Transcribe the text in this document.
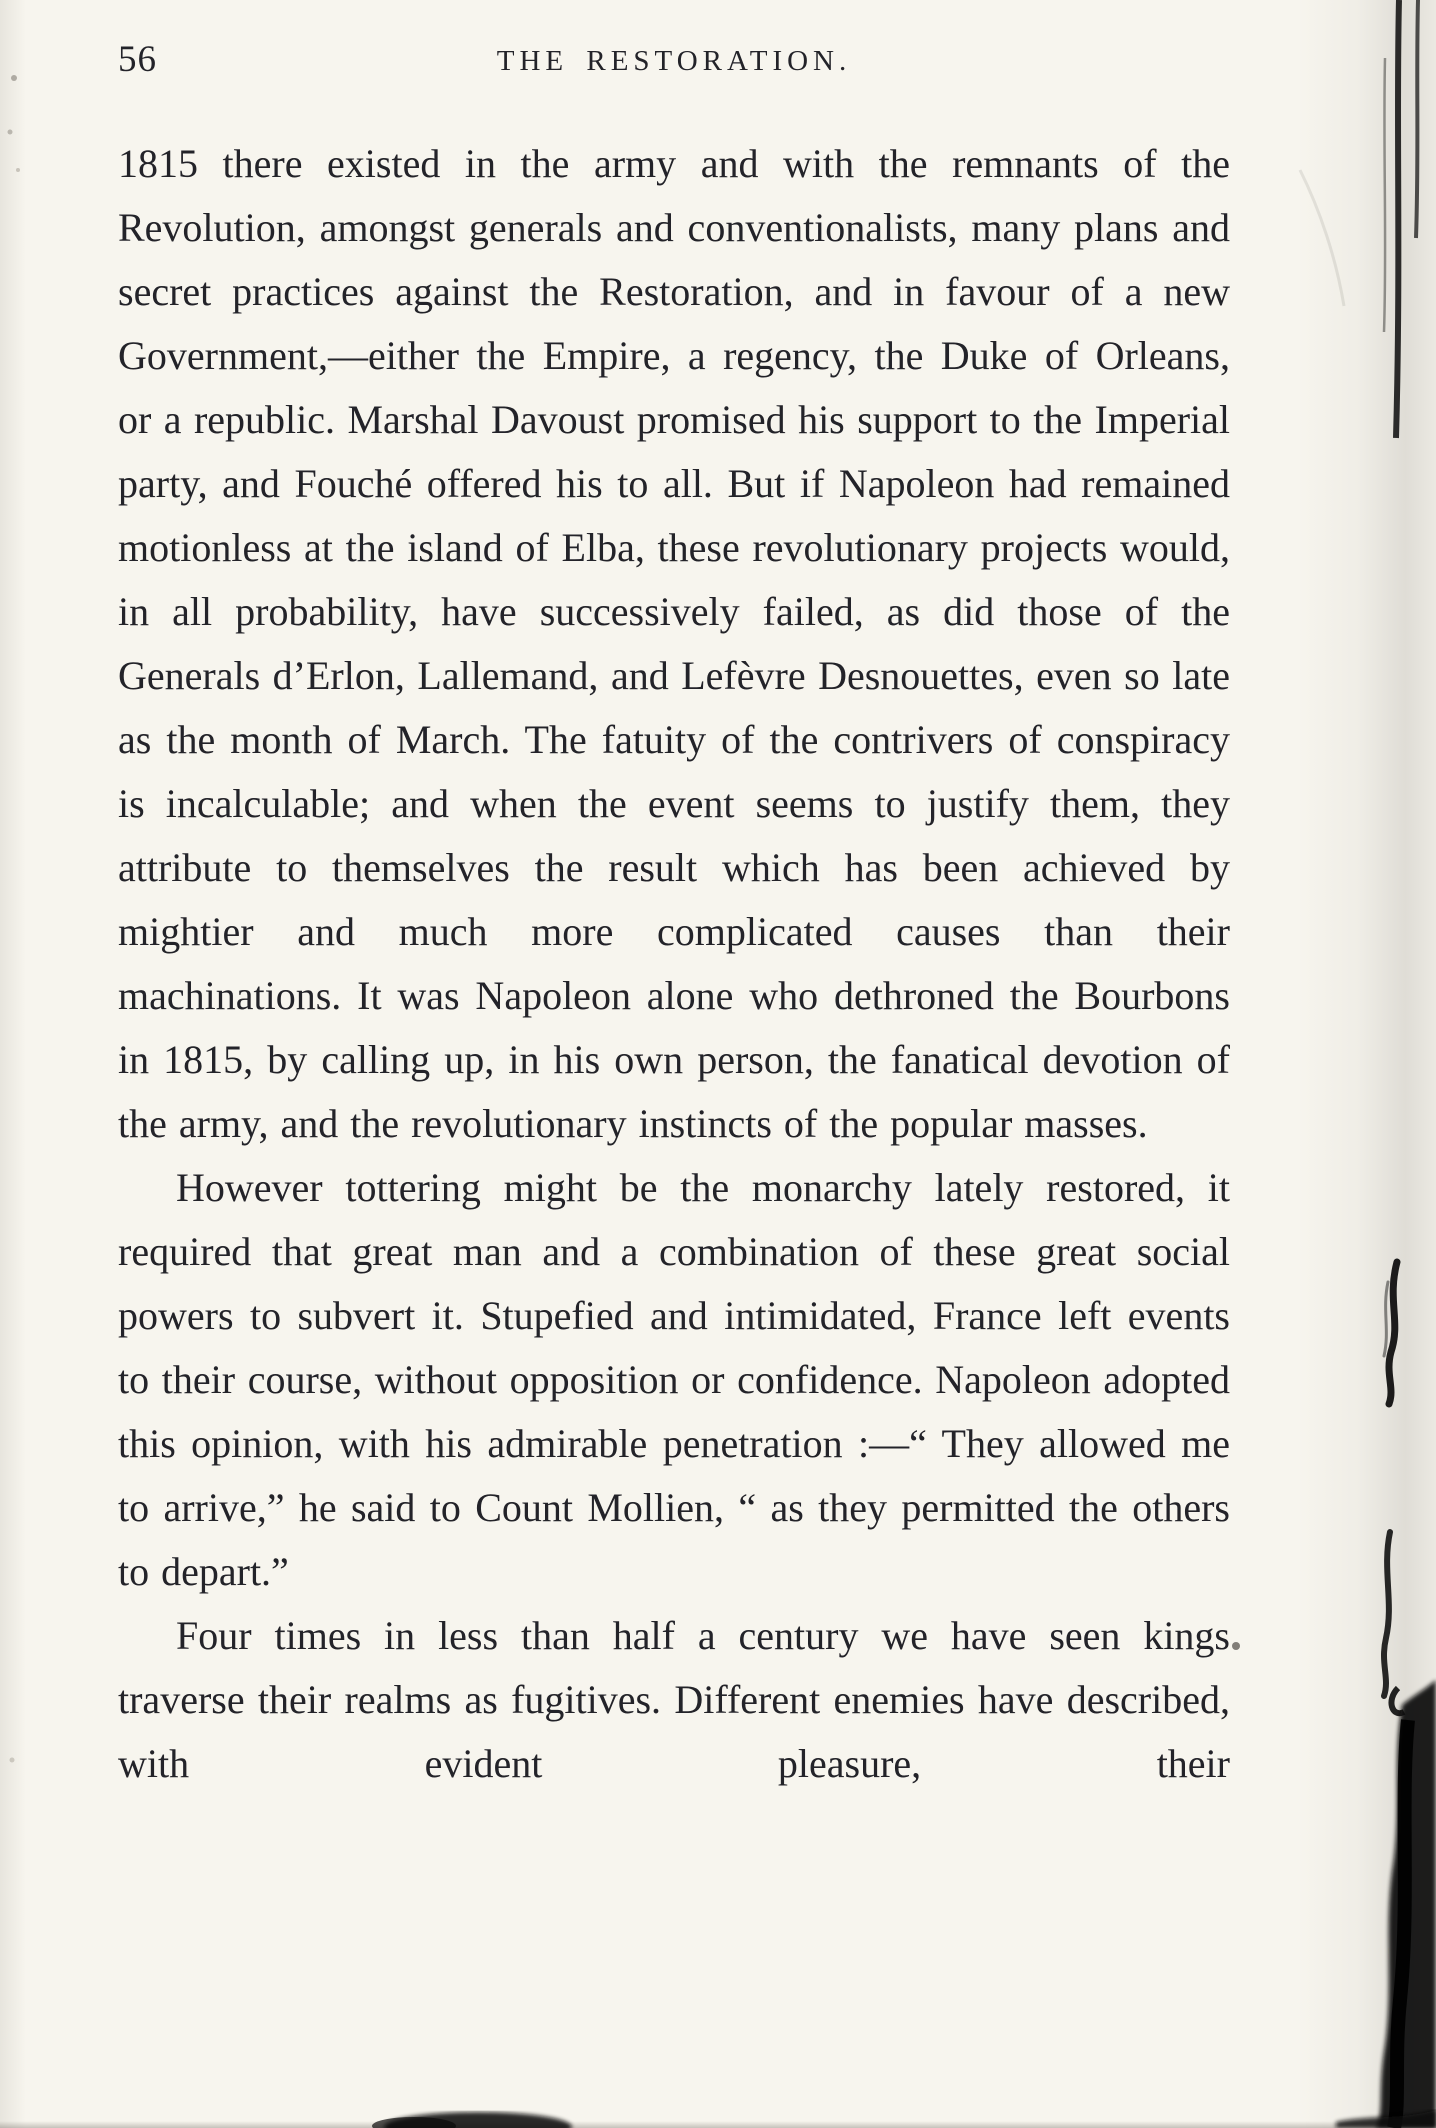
56	THE RESTORATION.

1815 there existed in the army and with the remnants of the Revolution, amongst generals and conventionalists, many plans and secret practices against the Restoration, and in favour of a new Government,—either the Empire, a regency, the Duke of Orleans, or a republic. Marshal Davoust promised his support to the Imperial party, and Fouché offered his to all. But if Napoleon had remained motionless at the island of Elba, these revolutionary projects would, in all probability, have successively failed, as did those of the Generals d’Erlon, Lallemand, and Lefèvre Desnouettes, even so late as the month of March. The fatuity of the contrivers of conspiracy is incalculable; and when the event seems to justify them, they attribute to themselves the result which has been achieved by mightier and much more complicated causes than their machinations. It was Napoleon alone who dethroned the Bourbons in 1815, by calling up, in his own person, the fanatical devotion of the army, and the revolutionary instincts of the popular masses.

However tottering might be the monarchy lately restored, it required that great man and a combination of these great social powers to subvert it. Stupefied and intimidated, France left events to their course, without opposition or confidence. Napoleon adopted this opinion, with his admirable penetration :—“ They allowed me to arrive,” he said to Count Mollien, “ as they permitted the others to depart.”

Four times in less than half a century we have seen kings traverse their realms as fugitives. Different enemies have described, with evident pleasure, their
